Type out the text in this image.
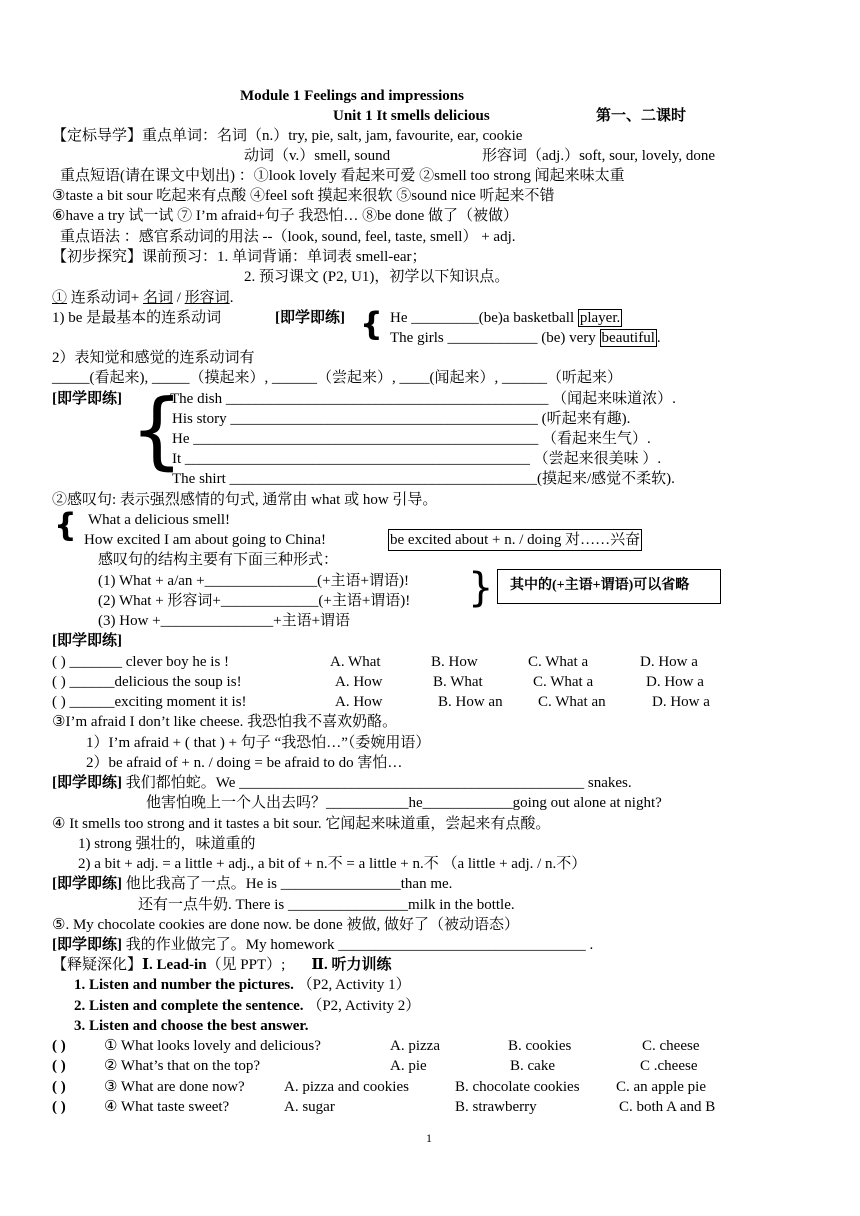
Module 1 Feelings and impressions
Unit 1 It smells delicious	第一、二课时
【定标导学】重点单词：名词（n.）try, pie, salt, jam, favourite, ear, cookie
动词（v.）smell, sound	形容词（adj.）soft, sour, lovely, done
重点短语(请在课文中划出) ：①look lovely 看起来可爱 ②smell too strong 闻起来味太重
③taste a bit sour 吃起来有点酸 ④feel soft 摸起来很软 ⑤sound nice 听起来不错
⑥have a try 试一试 ⑦ I’m afraid+句子 我恐怕… ⑧be done 做了（被做）
重点语法 ：感官系动词的用法 --（look, sound, feel, taste, smell） + adj.
【初步探究】课前预习：1. 单词背诵：单词表 smell-ear；
2. 预习课文 (P2, U1)，初学以下知识点。
① 连系动词+ 名词 / 形容词.
1) be 是最基本的连系动词	[即学即练] { He _________(be)a basketball player.
The girls ____________ (be) very beautiful .
2）表知觉和感觉的连系动词有
_____(看起来), _____（摸起来）, ______（尝起来）, ____(闻起来）, ______（听起来）
[即学即练] {
The dish ___________________________________________ （闻起来味道浓）.
His story _________________________________________ (听起来有趣).
He ______________________________________________ （看起来生气）.
It ______________________________________________ （尝起来很美味 ）.
The shirt _________________________________________(摸起来/感觉不柔软).
②感叹句: 表示强烈感情的句式, 通常由 what 或 how 引导。
{ What a delicious smell!
How excited I am about going to China!	be excited about + n. / doing 对……兴奋
感叹句的结构主要有下面三种形式：
(1) What + a/an +_______________(+主语+谓语)!
(2) What + 形容词+_____________(+主语+谓语)!
(3) How +_______________+主语+谓语
} 其中的(+主语+谓语)可以省略
[即学即练]
( ) _______ clever boy he is !	A. What	B. How	C. What a	D. How a
( ) ______delicious the soup is!	A. How	B. What	C. What a	D. How a
( ) ______exciting moment it is!	A. How	B. How an C. What an	D. How a
③I’m afraid I don’t like cheese. 我恐怕我不喜欢奶酪。
1）I’m afraid + ( that ) + 句子 “我恐怕…”（委婉用语）
2）be afraid of + n. / doing = be afraid to do 害怕…
[即学即练] 我们都怕蛇。We ______________________________________________ snakes.
他害怕晚上一个人出去吗？___________he____________going out alone at night?
④ It smells too strong and it tastes a bit sour. 它闻起来味道重，尝起来有点酸。
1) strong 强壮的，味道重的
2) a bit + adj. = a little + adj., a bit of + n.不 = a little + n.不 （a little + adj. / n.不）
[即学即练] 他比我高了一点。He is ________________than me.
还有一点牛奶. There is ________________milk in the bottle.
⑤. My chocolate cookies are done now. be done 被做, 做好了（被动语态）
[即学即练] 我的作业做完了。My homework _________________________________ .
【释疑深化】Ⅰ. Lead-in（见 PPT）; Ⅱ. 听力训练
1. Listen and number the pictures. （P2, Activity 1）
2. Listen and complete the sentence. （P2, Activity 2）
3. Listen and choose the best answer.
( )	① What looks lovely and delicious?	A. pizza	B. cookies	C. cheese
( )	② What’s that on the top?	A. pie	B. cake	C .cheese
( )	③ What are done now?	A. pizza and cookies	B. chocolate cookies C. an apple pie
( )	④ What taste sweet?	A. sugar	B. strawberry	C. both A and B
1
